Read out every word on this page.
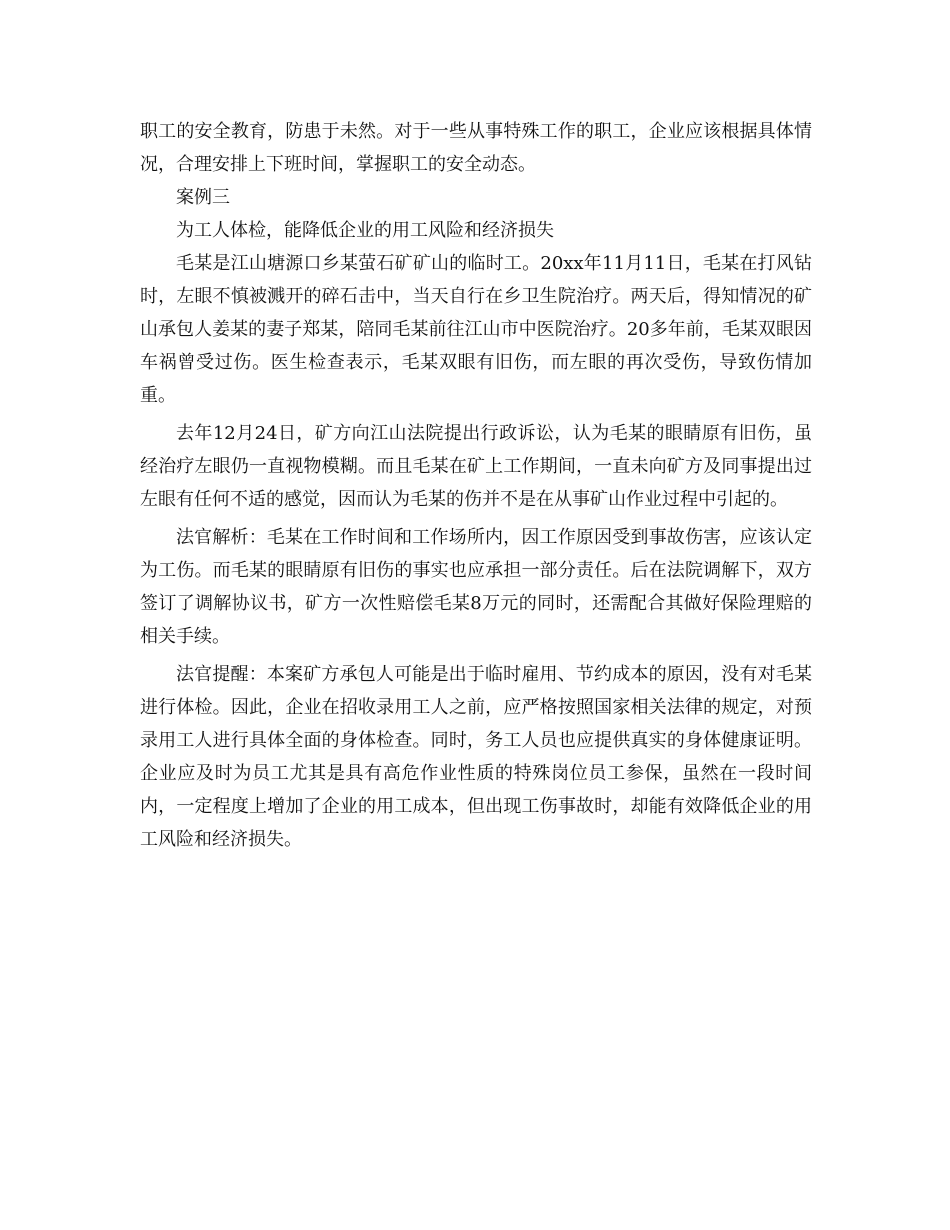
职工的安全教育，防患于未然。对于一些从事特殊工作的职工，企业应该根据具体情况，合理安排上下班时间，掌握职工的安全动态。

案例三

为工人体检，能降低企业的用工风险和经济损失

毛某是江山塘源口乡某萤石矿矿山的临时工。20xx年11月11日，毛某在打风钻时，左眼不慎被溅开的碎石击中，当天自行在乡卫生院治疗。两天后，得知情况的矿山承包人姜某的妻子郑某，陪同毛某前往江山市中医院治疗。20多年前，毛某双眼因车祸曾受过伤。医生检查表示，毛某双眼有旧伤，而左眼的再次受伤，导致伤情加重。

去年12月24日，矿方向江山法院提出行政诉讼，认为毛某的眼睛原有旧伤，虽经治疗左眼仍一直视物模糊。而且毛某在矿上工作期间，一直未向矿方及同事提出过左眼有任何不适的感觉，因而认为毛某的伤并不是在从事矿山作业过程中引起的。

法官解析：毛某在工作时间和工作场所内，因工作原因受到事故伤害，应该认定为工伤。而毛某的眼睛原有旧伤的事实也应承担一部分责任。后在法院调解下，双方签订了调解协议书，矿方一次性赔偿毛某8万元的同时，还需配合其做好保险理赔的相关手续。

法官提醒：本案矿方承包人可能是出于临时雇用、节约成本的原因，没有对毛某进行体检。因此，企业在招收录用工人之前，应严格按照国家相关法律的规定，对预录用工人进行具体全面的身体检查。同时，务工人员也应提供真实的身体健康证明。企业应及时为员工尤其是具有高危作业性质的特殊岗位员工参保，虽然在一段时间内，一定程度上增加了企业的用工成本，但出现工伤事故时，却能有效降低企业的用工风险和经济损失。
